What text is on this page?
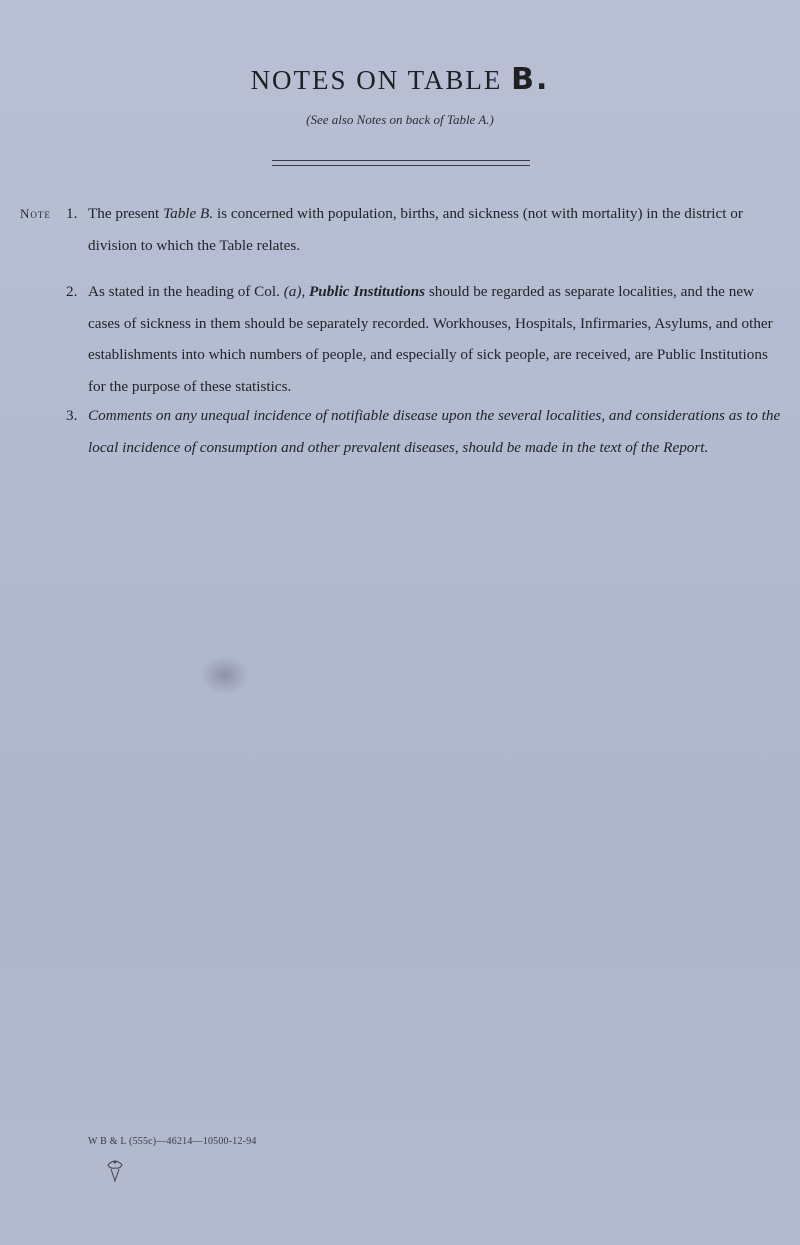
NOTES ON TABLE B.
(See also Notes on back of Table A.)
Note 1. The present Table B. is concerned with population, births, and sickness (not with mortality) in the district or division to which the Table relates.
2. As stated in the heading of Col. (a), Public Institutions should be regarded as separate localities, and the new cases of sickness in them should be separately recorded. Workhouses, Hospitals, Infirmaries, Asylums, and other establishments into which numbers of people, and especially of sick people, are received, are Public Institutions for the purpose of these statistics.
3. Comments on any unequal incidence of notifiable disease upon the several localities, and considerations as to the local incidence of consumption and other prevalent diseases, should be made in the text of the Report.
W B & L (555c)—46214—10500-12-94
